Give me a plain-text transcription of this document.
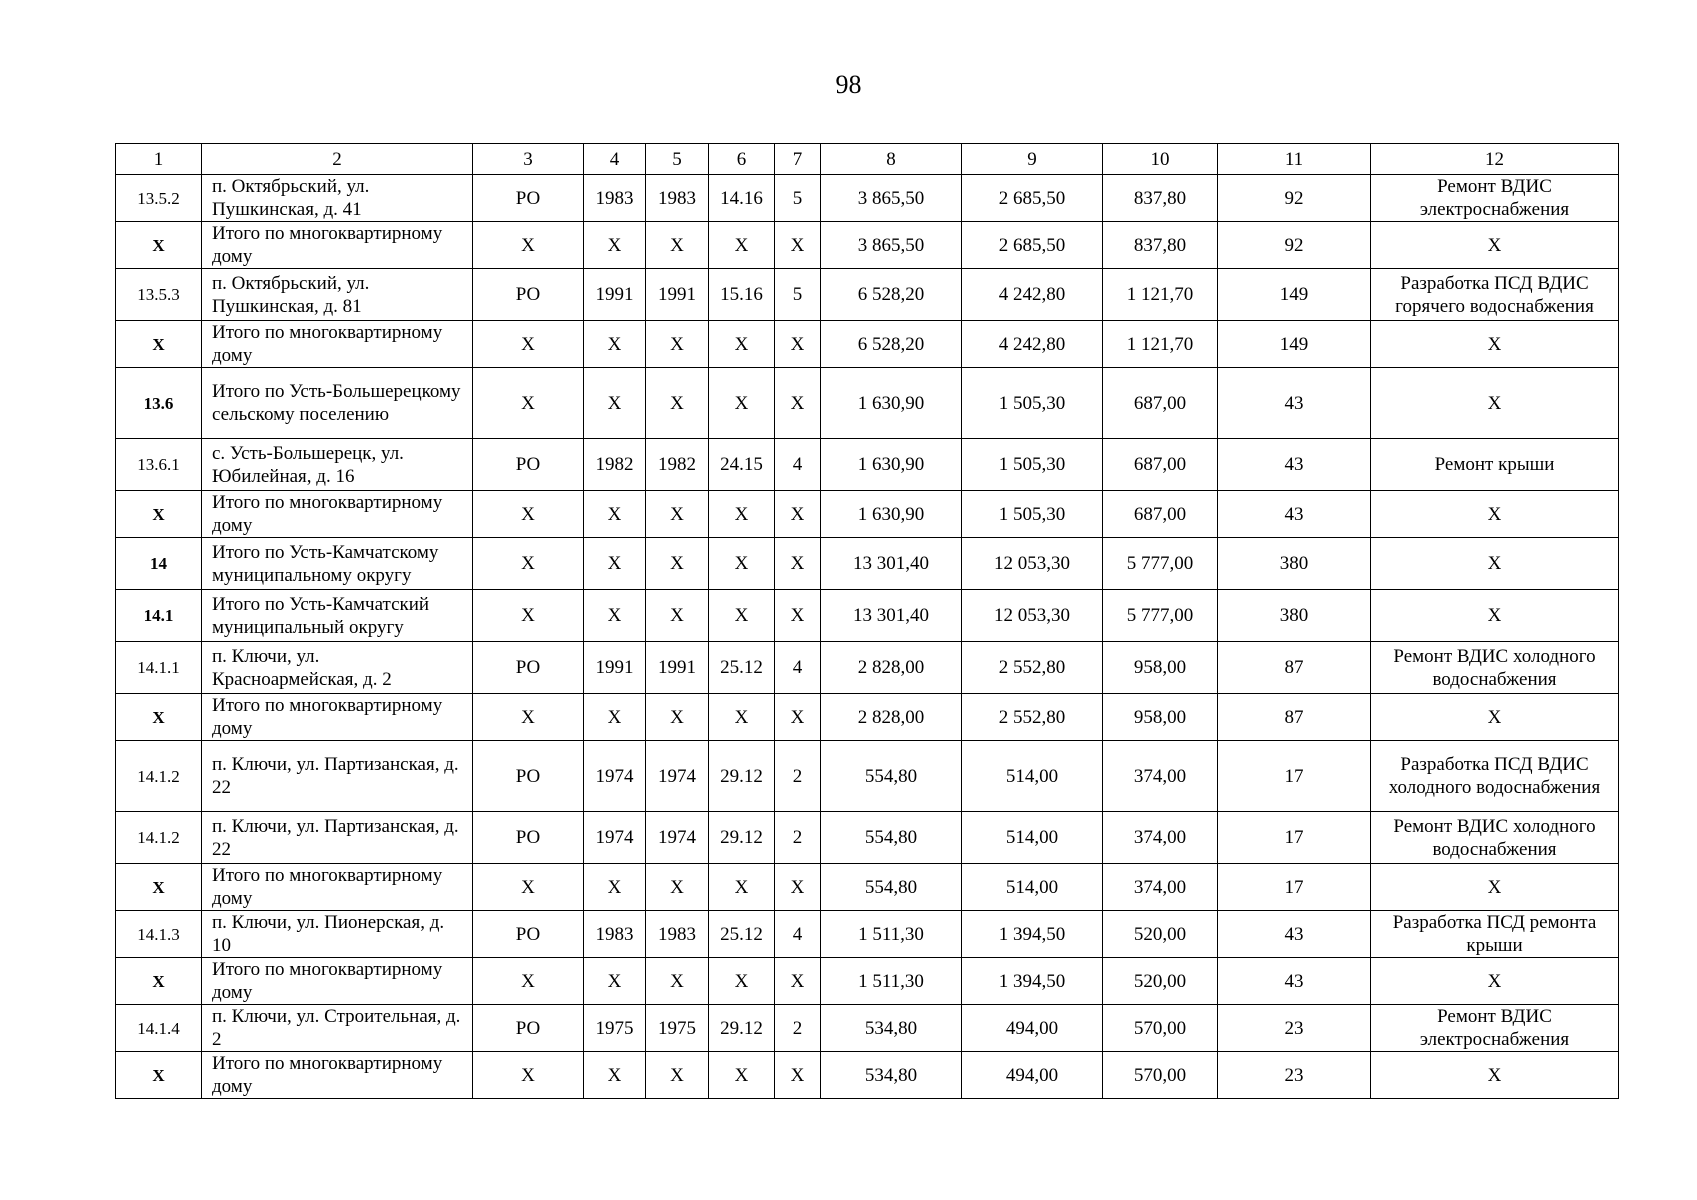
98
1	2	3	4	5	6	7	8	9	10	11	12
13.5.2	п. Октябрьский, ул. Пушкинская, д. 41	РО	1983	1983	14.16	5	3 865,50	2 685,50	837,80	92	Ремонт ВДИС электроснабжения
X	Итого по многоквартирному дому	X	X	X	X	X	3 865,50	2 685,50	837,80	92	X
13.5.3	п. Октябрьский, ул. Пушкинская, д. 81	РО	1991	1991	15.16	5	6 528,20	4 242,80	1 121,70	149	Разработка ПСД ВДИС горячего водоснабжения
X	Итого по многоквартирному дому	X	X	X	X	X	6 528,20	4 242,80	1 121,70	149	X
13.6	Итого по Усть-Большерецкому сельскому поселению	X	X	X	X	X	1 630,90	1 505,30	687,00	43	X
13.6.1	с. Усть-Большерецк, ул. Юбилейная, д. 16	РО	1982	1982	24.15	4	1 630,90	1 505,30	687,00	43	Ремонт крыши
X	Итого по многоквартирному дому	X	X	X	X	X	1 630,90	1 505,30	687,00	43	X
14	Итого по Усть-Камчатскому муниципальному округу	X	X	X	X	X	13 301,40	12 053,30	5 777,00	380	X
14.1	Итого по Усть-Камчатский муниципальный округу	X	X	X	X	X	13 301,40	12 053,30	5 777,00	380	X
14.1.1	п. Ключи, ул. Красноармейская, д. 2	РО	1991	1991	25.12	4	2 828,00	2 552,80	958,00	87	Ремонт ВДИС холодного водоснабжения
X	Итого по многоквартирному дому	X	X	X	X	X	2 828,00	2 552,80	958,00	87	X
14.1.2	п. Ключи, ул. Партизанская, д. 22	РО	1974	1974	29.12	2	554,80	514,00	374,00	17	Разработка ПСД ВДИС холодного водоснабжения
14.1.2	п. Ключи, ул. Партизанская, д. 22	РО	1974	1974	29.12	2	554,80	514,00	374,00	17	Ремонт ВДИС холодного водоснабжения
X	Итого по многоквартирному дому	X	X	X	X	X	554,80	514,00	374,00	17	X
14.1.3	п. Ключи, ул. Пионерская, д. 10	РО	1983	1983	25.12	4	1 511,30	1 394,50	520,00	43	Разработка ПСД ремонта крыши
X	Итого по многоквартирному дому	X	X	X	X	X	1 511,30	1 394,50	520,00	43	X
14.1.4	п. Ключи, ул. Строительная, д. 2	РО	1975	1975	29.12	2	534,80	494,00	570,00	23	Ремонт ВДИС электроснабжения
X	Итого по многоквартирному дому	X	X	X	X	X	534,80	494,00	570,00	23	X
